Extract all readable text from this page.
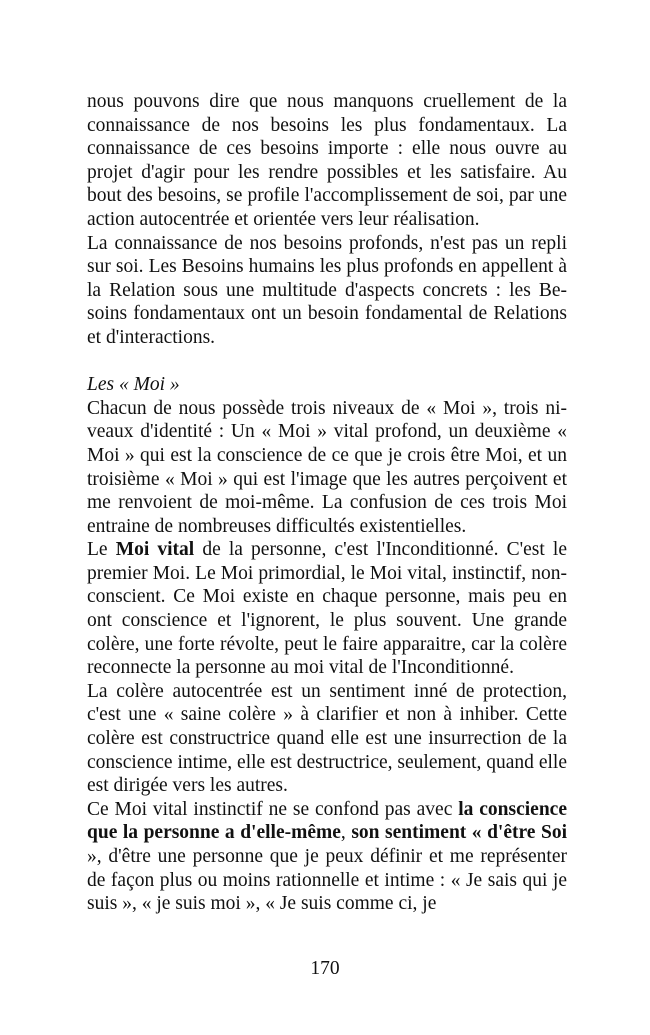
nous pouvons dire que nous manquons cruellement de la connaissance de nos besoins les plus fondamentaux. La connaissance de ces besoins importe : elle nous ouvre au projet d'agir pour les rendre possibles et les satisfaire. Au bout des besoins, se profile l'accomplissement de soi, par une action autocentrée et orientée vers leur réalisation.

La connaissance de nos besoins profonds, n'est pas un repli sur soi. Les Besoins humains les plus profonds en appellent à la Relation sous une multitude d'aspects concrets : les Besoins fondamentaux ont un besoin fondamental de Relations et d'interactions.

Les « Moi »

Chacun de nous possède trois niveaux de « Moi », trois niveaux d'identité : Un « Moi » vital profond, un deuxième « Moi » qui est la conscience de ce que je crois être Moi, et un troisième « Moi » qui est l'image que les autres perçoivent et me renvoient de moi-même. La confusion de ces trois Moi entraine de nombreuses difficultés existentielles.

Le Moi vital de la personne, c'est l'Inconditionné. C'est le premier Moi. Le Moi primordial, le Moi vital, instinctif, non-conscient. Ce Moi existe en chaque personne, mais peu en ont conscience et l'ignorent, le plus souvent. Une grande colère, une forte révolte, peut le faire apparaitre, car la colère reconnecte la personne au moi vital de l'Inconditionné.

La colère autocentrée est un sentiment inné de protection, c'est une « saine colère » à clarifier et non à inhiber. Cette colère est constructrice quand elle est une insurrection de la conscience intime, elle est destructrice, seulement, quand elle est dirigée vers les autres.

Ce Moi vital instinctif ne se confond pas avec la conscience que la personne a d'elle-même, son sentiment « d'être Soi », d'être une personne que je peux définir et me représenter de façon plus ou moins rationnelle et intime : « Je sais qui je suis », « je suis moi », « Je suis comme ci, je

170
